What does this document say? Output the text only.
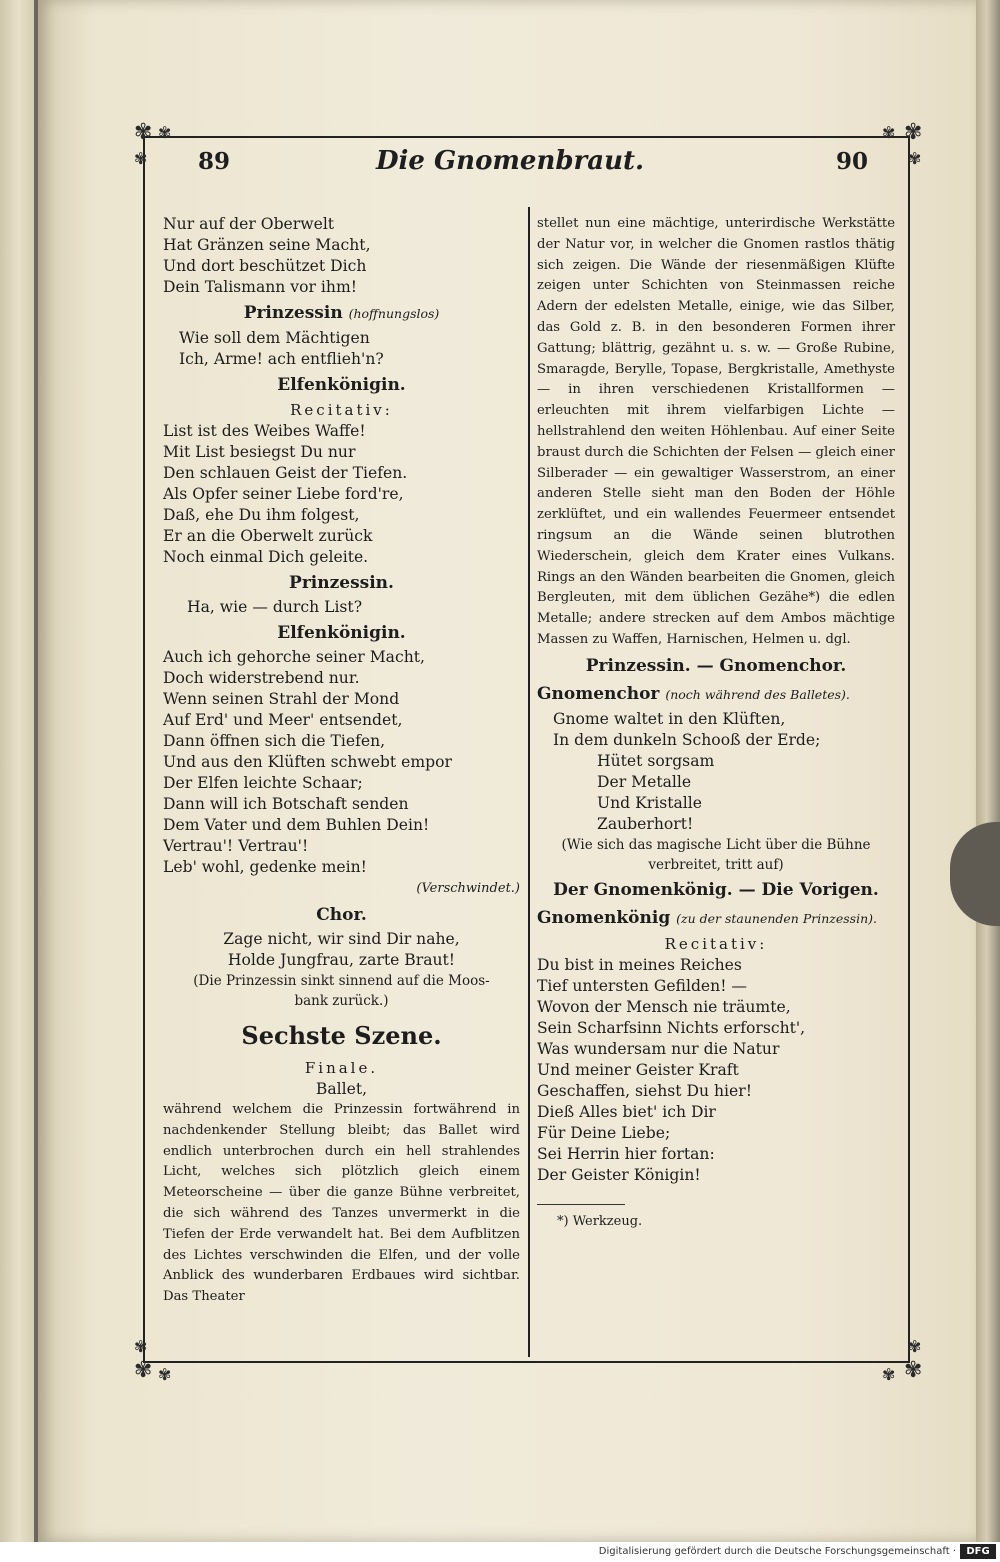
✾ ✾
✾
✾
✾
✾
✾ ✾
✾
✾
✾
✾
89	Die Gnomenbraut.	90
Nur auf der Oberwelt
Hat Gränzen seine Macht,
Und dort beschützet Dich
Dein Talismann vor ihm!
Prinzessin (hoffnungslos)
Wie soll dem Mächtigen
Ich, Arme! ach entflieh'n?
Elfenkönigin.
Recitativ:
List ist des Weibes Waffe!
Mit List besiegst Du nur
Den schlauen Geist der Tiefen.
Als Opfer seiner Liebe ford're,
Daß, ehe Du ihm folgest,
Er an die Oberwelt zurück
Noch einmal Dich geleite.
Prinzessin.
Ha, wie — durch List?
Elfenkönigin.
Auch ich gehorche seiner Macht,
Doch widerstrebend nur.
Wenn seinen Strahl der Mond
Auf Erd' und Meer' entsendet,
Dann öffnen sich die Tiefen,
Und aus den Klüften schwebt empor
Der Elfen leichte Schaar;
Dann will ich Botschaft senden
Dem Vater und dem Buhlen Dein!
Vertrau'! Vertrau'!
Leb' wohl, gedenke mein!
(Verschwindet.)
Chor.
Zage nicht, wir sind Dir nahe,
Holde Jungfrau, zarte Braut!
(Die Prinzessin sinkt sinnend auf die Moos-
bank zurück.)
Sechste Szene.
Finale.
Ballet,
während welchem die Prinzessin fortwährend in nachdenkender Stellung bleibt; das Ballet wird endlich unterbrochen durch ein hell strahlendes Licht, welches sich plötzlich gleich einem Meteorscheine — über die ganze Bühne verbreitet, die sich während des Tanzes unvermerkt in die Tiefen der Erde verwandelt hat. Bei dem Aufblitzen des Lichtes verschwinden die Elfen, und der volle Anblick des wunderbaren Erdbaues wird sichtbar. Das Theater
stellet nun eine mächtige, unterirdische Werkstätte der Natur vor, in welcher die Gnomen rastlos thätig sich zeigen. Die Wände der riesenmäßigen Klüfte zeigen unter Schichten von Steinmassen reiche Adern der edelsten Metalle, einige, wie das Silber, das Gold z. B. in den besonderen Formen ihrer Gattung; blättrig, gezähnt u. s. w. — Große Rubine, Smaragde, Berylle, Topase, Bergkristalle, Amethyste — in ihren verschiedenen Kristallformen — erleuchten mit ihrem vielfarbigen Lichte — hellstrahlend den weiten Höhlenbau. Auf einer Seite braust durch die Schichten der Felsen — gleich einer Silberader — ein gewaltiger Wasserstrom, an einer anderen Stelle sieht man den Boden der Höhle zerklüftet, und ein wallendes Feuermeer entsendet ringsum an die Wände seinen blutrothen Wiederschein, gleich dem Krater eines Vulkans. Rings an den Wänden bearbeiten die Gnomen, gleich Bergleuten, mit dem üblichen Gezähe*) die edlen Metalle; andere strecken auf dem Ambos mächtige Massen zu Waffen, Harnischen, Helmen u. dgl.
Prinzessin. — Gnomenchor.
Gnomenchor (noch während des Balletes).
Gnome waltet in den Klüften,
In dem dunkeln Schooß der Erde;
Hütet sorgsam
Der Metalle
Und Kristalle
Zauberhort!
(Wie sich das magische Licht über die Bühne
verbreitet, tritt auf)
Der Gnomenkönig. — Die Vorigen.
Gnomenkönig (zu der staunenden Prinzessin).
Recitativ:
Du bist in meines Reiches
Tief untersten Gefilden! —
Wovon der Mensch nie träumte,
Sein Scharfsinn Nichts erforscht',
Was wundersam nur die Natur
Und meiner Geister Kraft
Geschaffen, siehst Du hier!
Dieß Alles biet' ich Dir
Für Deine Liebe;
Sei Herrin hier fortan:
Der Geister Königin!
*) Werkzeug.
Digitalisierung gefördert durch die Deutsche Forschungsgemeinschaft ·	DFG
